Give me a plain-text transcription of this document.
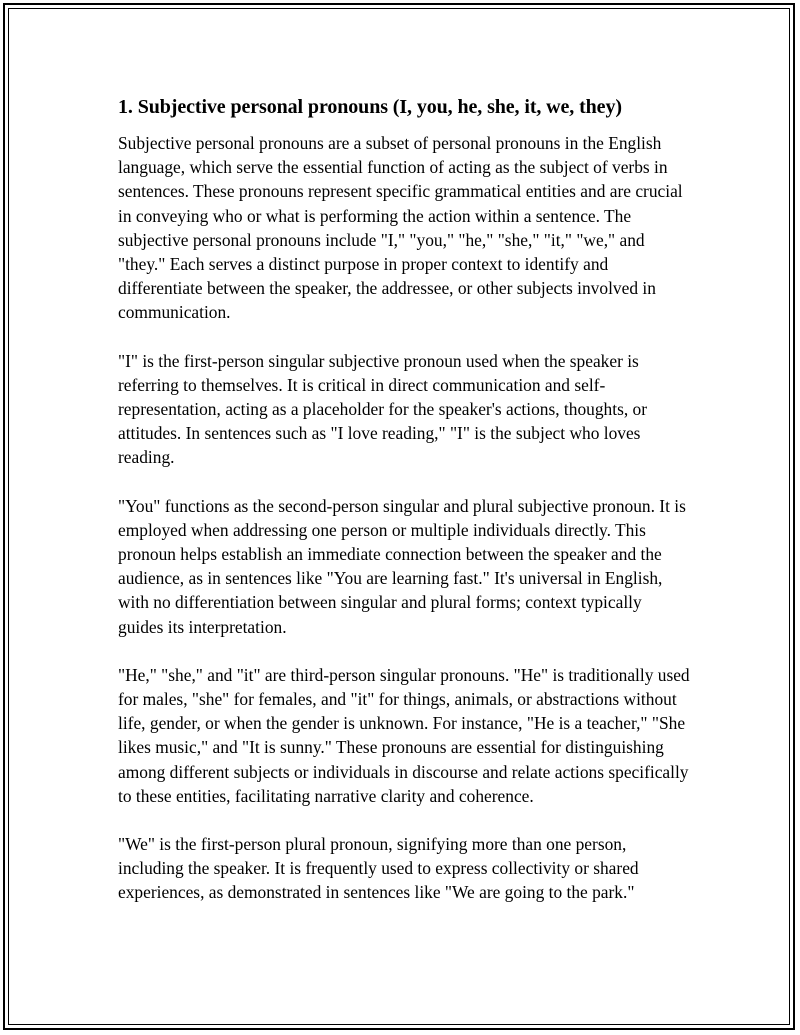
1. Subjective personal pronouns (I, you, he, she, it, we, they)

Subjective personal pronouns are a subset of personal pronouns in the English language, which serve the essential function of acting as the subject of verbs in sentences. These pronouns represent specific grammatical entities and are crucial in conveying who or what is performing the action within a sentence. The subjective personal pronouns include "I," "you," "he," "she," "it," "we," and "they." Each serves a distinct purpose in proper context to identify and differentiate between the speaker, the addressee, or other subjects involved in communication.

"I" is the first-person singular subjective pronoun used when the speaker is referring to themselves. It is critical in direct communication and self-representation, acting as a placeholder for the speaker's actions, thoughts, or attitudes. In sentences such as "I love reading," "I" is the subject who loves reading.

"You" functions as the second-person singular and plural subjective pronoun. It is employed when addressing one person or multiple individuals directly. This pronoun helps establish an immediate connection between the speaker and the audience, as in sentences like "You are learning fast." It's universal in English, with no differentiation between singular and plural forms; context typically guides its interpretation.

"He," "she," and "it" are third-person singular pronouns. "He" is traditionally used for males, "she" for females, and "it" for things, animals, or abstractions without life, gender, or when the gender is unknown. For instance, "He is a teacher," "She likes music," and "It is sunny." These pronouns are essential for distinguishing among different subjects or individuals in discourse and relate actions specifically to these entities, facilitating narrative clarity and coherence.

"We" is the first-person plural pronoun, signifying more than one person, including the speaker. It is frequently used to express collectivity or shared experiences, as demonstrated in sentences like "We are going to the park."
